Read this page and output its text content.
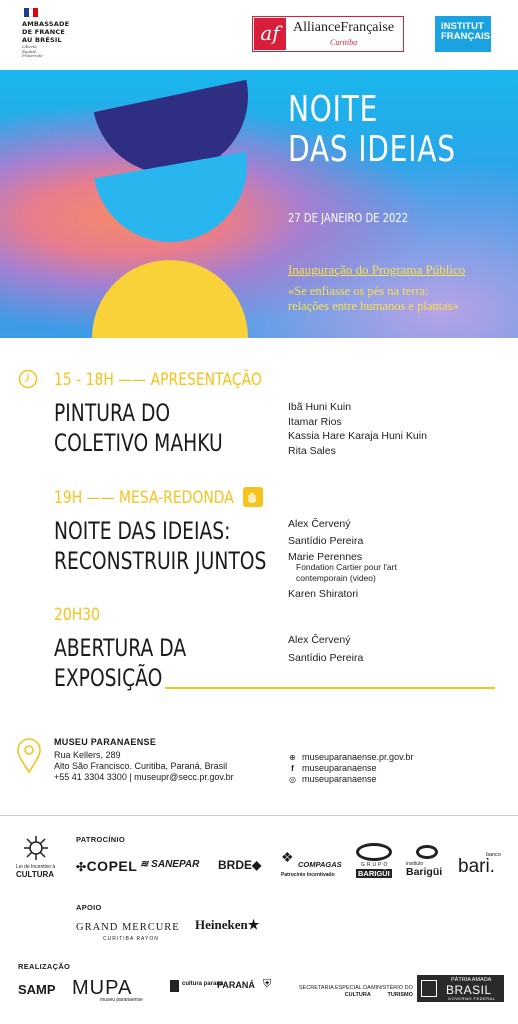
AMBASSADE
DE FRANCE
AU BRÉSIL
Liberté
Égalité
Fraternité
af AllianceFrançaise
Curitiba
INSTITUT
FRANÇAIS
NOITE
DAS IDEIAS
27 DE JANEIRO DE 2022
Inauguração do Programa Público
«Se enfiasse os pés na terra:
relações entre humanos e plantas»
15 - 18H —— APRESENTAÇÃO
PINTURA DO
COLETIVO MAHKU
Ibã Huni Kuin
Itamar Rios
Kassia Hare Karaja Huni Kuin
Rita Sales
19H —— MESA-REDONDA
NOITE DAS IDEIAS:
RECONSTRUIR JUNTOS
Alex Červený
Santídio Pereira
Marie Perennes
Fondation Cartier pour l'art
contemporain (video)
Karen Shiratori
20H30
ABERTURA DA
EXPOSIÇÃO
Alex Červený
Santídio Pereira
MUSEU PARANAENSE
Rua Kellers, 289
Alto São Francisco. Curitiba, Paraná, Brasil
+55 41 3304 3300 | museupr@secc.pr.gov.br
⊕ museuparanaense.pr.gov.br
f museuparanaense
◎ museuparanaense
PATROCÍNIO
Lei de Incentivo à
CULTURA
✣COPEL ≋ SANEPAR BRDE◆ ❖ COMPAGAS
Patrocínio Incentivado
GRUPO
BARIGÜI
instituto
Barigüi
banco
bari.
APOIO
GRAND MERCURE
CURITIBA RAYON
Heineken★
REALIZAÇÃO
SAMP MUPA
museu paranaense
cultura paraná
PARANÁ ⛨	SECRETARIA ESPECIAL DA
CULTURA
MINISTÉRIO DO
TURISMO
PÁTRIA AMADA
BRASIL
GOVERNO FEDERAL
